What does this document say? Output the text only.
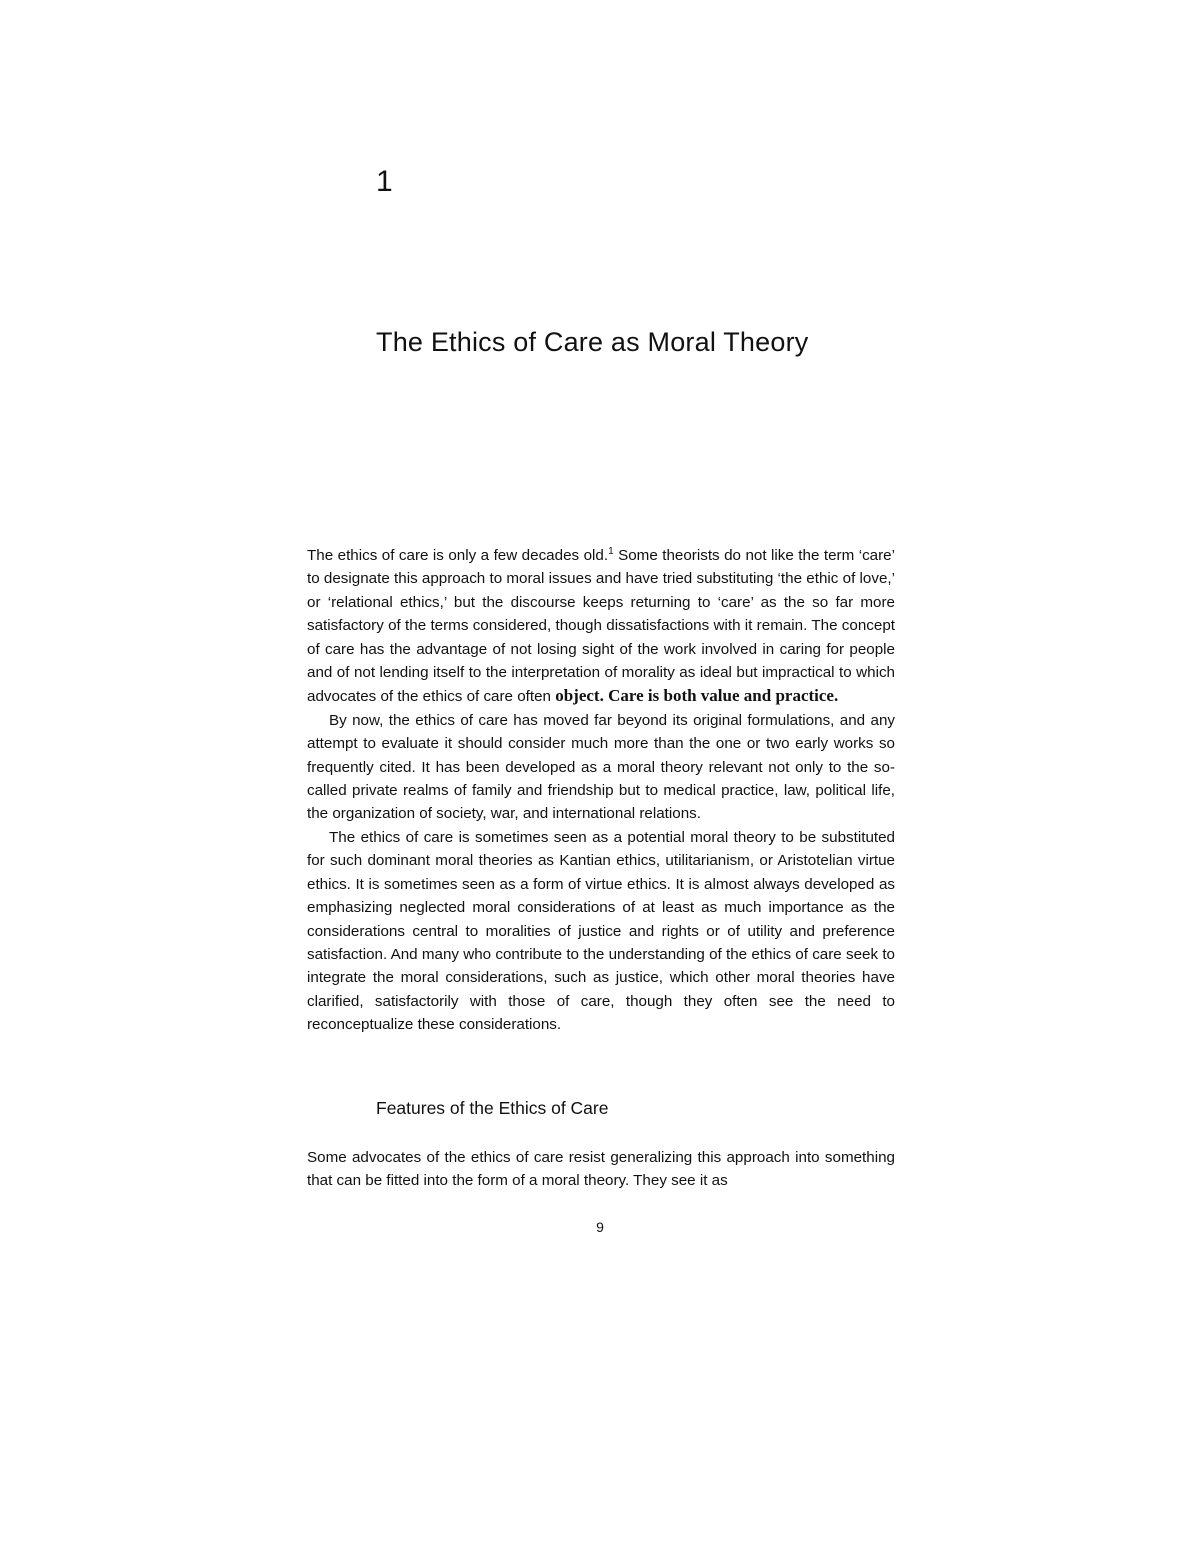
1
The Ethics of Care as Moral Theory

The ethics of care is only a few decades old.$^1$ Some theorists do not like the term ‘care’ to designate this approach to moral issues and have tried substituting ‘the ethic of love,’ or ‘relational ethics,’ but the discourse keeps returning to ‘care’ as the so far more satisfactory of the terms considered, though dissatisfactions with it remain. The concept of care has the advantage of not losing sight of the work involved in caring for people and of not lending itself to the interpretation of morality as ideal but impractical to which advocates of the ethics of care often object. Care is both value and practice.

By now, the ethics of care has moved far beyond its original formulations, and any attempt to evaluate it should consider much more than the one or two early works so frequently cited. It has been developed as a moral theory relevant not only to the so-called private realms of family and friendship but to medical practice, law, political life, the organization of society, war, and international relations.

The ethics of care is sometimes seen as a potential moral theory to be substituted for such dominant moral theories as Kantian ethics, utilitarianism, or Aristotelian virtue ethics. It is sometimes seen as a form of virtue ethics. It is almost always developed as emphasizing neglected moral considerations of at least as much importance as the considerations central to moralities of justice and rights or of utility and preference satisfaction. And many who contribute to the understanding of the ethics of care seek to integrate the moral considerations, such as justice, which other moral theories have clarified, satisfactorily with those of care, though they often see the need to reconceptualize these considerations.

Features of the Ethics of Care

Some advocates of the ethics of care resist generalizing this approach into something that can be fitted into the form of a moral theory. They see it as

9
